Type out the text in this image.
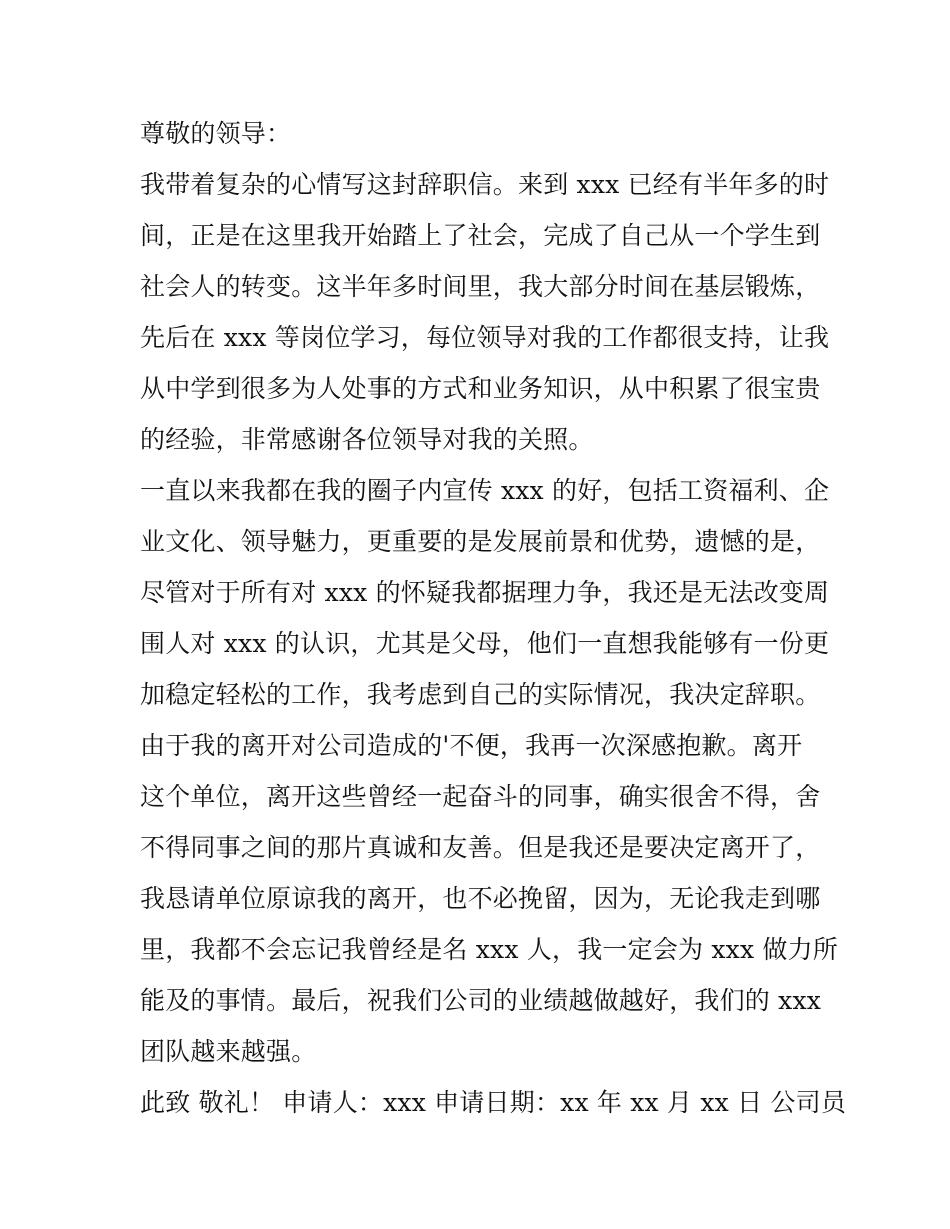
尊敬的领导：
我带着复杂的心情写这封辞职信。来到 xxx 已经有半年多的时
间，正是在这里我开始踏上了社会，完成了自己从一个学生到
社会人的转变。这半年多时间里，我大部分时间在基层锻炼，
先后在 xxx 等岗位学习，每位领导对我的工作都很支持，让我
从中学到很多为人处事的方式和业务知识，从中积累了很宝贵
的经验，非常感谢各位领导对我的关照。
一直以来我都在我的圈子内宣传 xxx 的好，包括工资福利、企
业文化、领导魅力，更重要的是发展前景和优势，遗憾的是，
尽管对于所有对 xxx 的怀疑我都据理力争，我还是无法改变周
围人对 xxx 的认识，尤其是父母，他们一直想我能够有一份更
加稳定轻松的工作，我考虑到自己的实际情况，我决定辞职。
由于我的离开对公司造成的'不便，我再一次深感抱歉。离开
这个单位，离开这些曾经一起奋斗的同事，确实很舍不得，舍
不得同事之间的那片真诚和友善。但是我还是要决定离开了，
我恳请单位原谅我的离开，也不必挽留，因为，无论我走到哪
里，我都不会忘记我曾经是名 xxx 人，我一定会为 xxx 做力所
能及的事情。最后，祝我们公司的业绩越做越好，我们的 xxx
团队越来越强。
此致 敬礼！ 申请人：xxx 申请日期：xx 年 xx 月 xx 日 公司员
